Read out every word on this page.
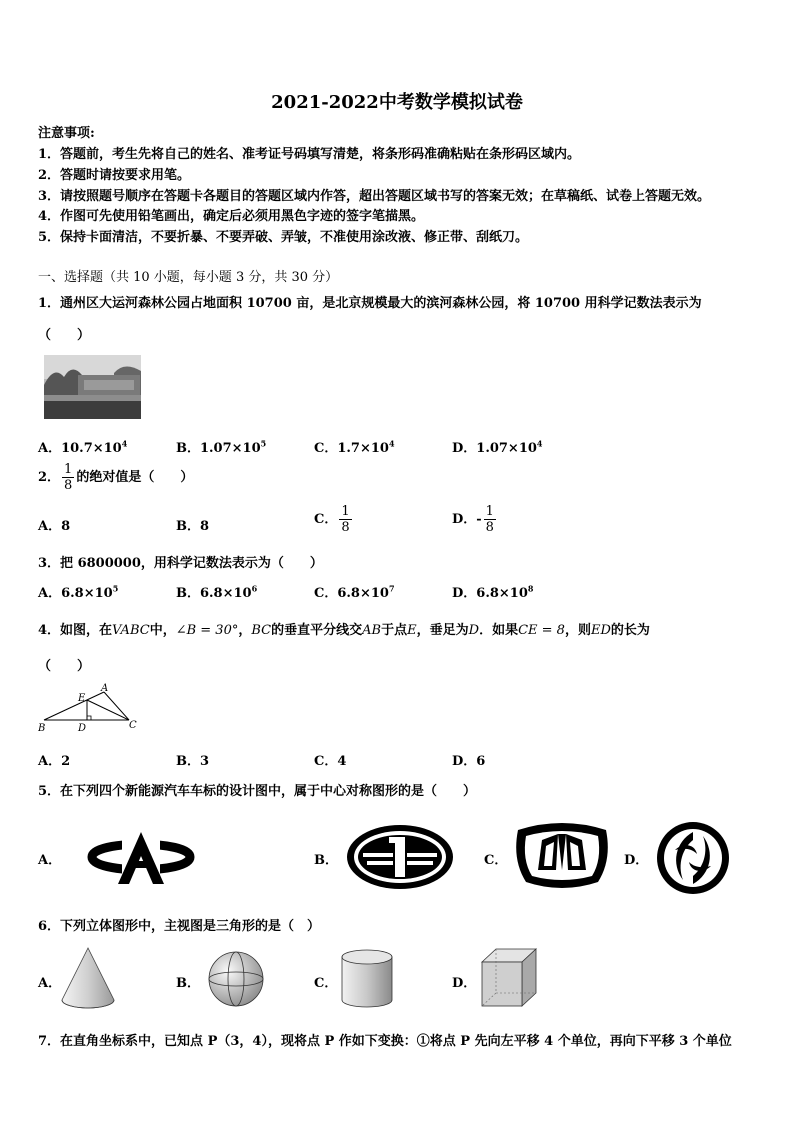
2021-2022中考数学模拟试卷
注意事项:
1．答题前，考生先将自己的姓名、准考证号码填写清楚，将条形码准确粘贴在条形码区域内。
2．答题时请按要求用笔。
3．请按照题号顺序在答题卡各题目的答题区域内作答，超出答题区域书写的答案无效；在草稿纸、试卷上答题无效。
4．作图可先使用铅笔画出，确定后必须用黑色字迹的签字笔描黑。
5．保持卡面清洁，不要折暴、不要弄破、弄皱，不准使用涂改液、修正带、刮纸刀。
一、选择题（共 10 小题，每小题 3 分，共 30 分）
1．通州区大运河森林公园占地面积 10700 亩，是北京规模最大的滨河森林公园，将 10700 用科学记数法表示为
（　　）
A．$10.7\times 10^4$	B．$1.07\times 10^5$	C．$1.7\times 10^4$	D．$1.07\times 10^4$
2． $\frac{1}{8}$ 的绝对值是（　　）
A．8	B．8	C． $\frac{1}{8}$	D．- $\frac{1}{8}$
3．把 6800000，用科学记数法表示为（　　）
A．$6.8\times 10^5$	B．$6.8\times 10^6$	C．$6.8\times 10^7$	D．$6.8\times 10^8$
4．如图，在VABC中，∠B = 30°，BC的垂直平分线交AB于点E，垂足为D．如果CE = 8，则ED的长为
（　　）
E
A
B	D	C
A．2	B．3	C．4	D．6
5．在下列四个新能源汽车车标的设计图中，属于中心对称图形的是（　　）
A．	B．	C．	D．
6．下列立体图形中，主视图是三角形的是（　）
A．	B．	C．	D．
7．在直角坐标系中，已知点 P（3，4），现将点 P 作如下变换：①将点 P 先向左平移 4 个单位，再向下平移 3 个单位
